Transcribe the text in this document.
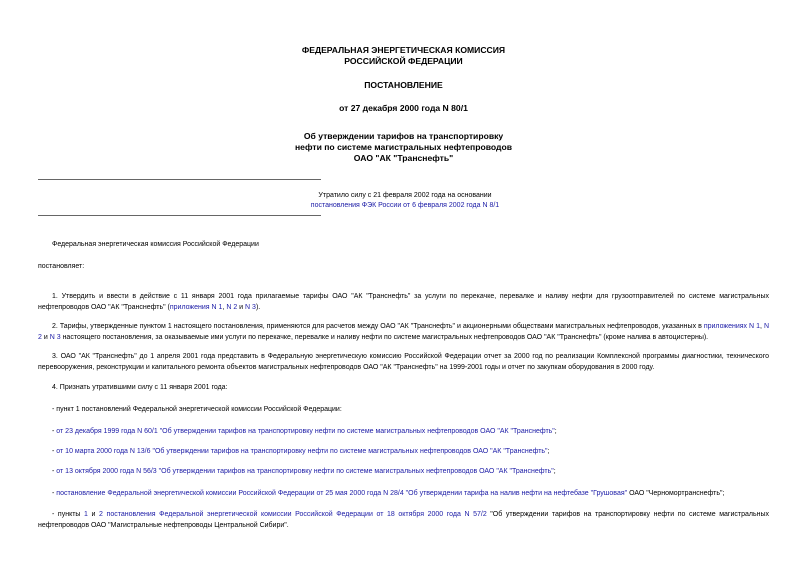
ФЕДЕРАЛЬНАЯ ЭНЕРГЕТИЧЕСКАЯ КОМИССИЯ
РОССИЙСКОЙ ФЕДЕРАЦИИ
ПОСТАНОВЛЕНИЕ
от 27 декабря 2000 года N 80/1
Об утверждении тарифов на транспортировку
нефти по системе магистральных нефтепроводов
ОАО "АК "Транснефть"
Утратило силу с 21 февраля 2002 года на основании
постановления ФЭК России от 6 февраля 2002 года N 8/1
Федеральная энергетическая комиссия Российской Федерации
постановляет:
1. Утвердить и ввести в действие с 11 января 2001 года прилагаемые тарифы ОАО "АК "Транснефть" за услуги по перекачке, перевалке и наливу нефти для грузоотправителей по системе магистральных нефтепроводов ОАО "АК "Транснефть" (приложения N 1, N 2 и N 3).
2. Тарифы, утвержденные пунктом 1 настоящего постановления, применяются для расчетов между ОАО "АК "Транснефть" и акционерными обществами магистральных нефтепроводов, указанных в приложениях N 1, N 2 и N 3 настоящего постановления, за оказываемые ими услуги по перекачке, перевалке и наливу нефти по системе магистральных нефтепроводов ОАО "АК "Транснефть" (кроме налива в автоцистерны).
3. ОАО "АК "Транснефть" до 1 апреля 2001 года представить в Федеральную энергетическую комиссию Российской Федерации отчет за 2000 год по реализации Комплексной программы диагностики, технического перевооружения, реконструкции и капитального ремонта объектов магистральных нефтепроводов ОАО "АК "Транснефть" на 1999-2001 годы и отчет по закупкам оборудования в 2000 году.
4. Признать утратившими силу с 11 января 2001 года:
- пункт 1 постановлений Федеральной энергетической комиссии Российской Федерации:
- от 23 декабря 1999 года N 60/1 "Об утверждении тарифов на транспортировку нефти по системе магистральных нефтепроводов ОАО "АК "Транснефть";
- от 10 марта 2000 года N 13/6 "Об утверждении тарифов на транспортировку нефти по системе магистральных нефтепроводов ОАО "АК "Транснефть";
- от 13 октября 2000 года N 56/3 "Об утверждении тарифов на транспортировку нефти по системе магистральных нефтепроводов ОАО "АК "Транснефть";
- постановление Федеральной энергетической комиссии Российской Федерации от 25 мая 2000 года N 28/4 "Об утверждении тарифа на налив нефти на нефтебазе "Грушовая" ОАО "Черномортранснефть";
- пункты 1 и 2 постановления Федеральной энергетической комиссии Российской Федерации от 18 октября 2000 года N 57/2 "Об утверждении тарифов на транспортировку нефти по системе магистральных нефтепроводов ОАО "Магистральные нефтепроводы Центральной Сибири".
